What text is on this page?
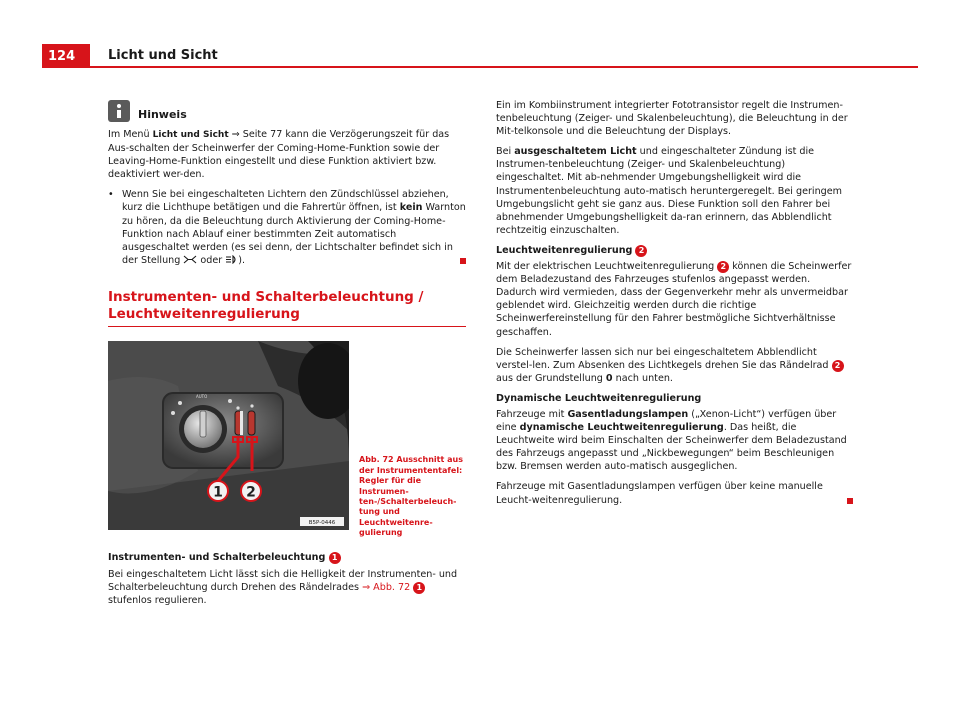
124	Licht und Sicht
Hinweis

Im Menü Licht und Sicht ⇒ Seite 77 kann die Verzögerungszeit für das Aus-schalten der Scheinwerfer der Coming-Home-Funktion sowie der Leaving-Home-Funktion eingestellt und diese Funktion aktiviert bzw. deaktiviert wer-den.

• Wenn Sie bei eingeschalteten Lichtern den Zündschlüssel abziehen, kurz die Lichthupe betätigen und die Fahrertür öffnen, ist kein Warnton zu hören, da die Beleuchtung durch Aktivierung der Coming-Home-Funktion nach Ablauf einer bestimmten Zeit automatisch ausgeschaltet werden (es sei denn, der Lichtschalter befindet sich in der Stellung  oder ).
Instrumenten- und Schalterbeleuchtung /
Leuchtweitenregulierung
AUTO
1 2
B5P-0446
Abb. 72 Ausschnitt aus der Instrumententafel: Regler für die Instrumen-ten-/Schalterbeleuch-tung und Leuchtweitenre-gulierung

Instrumenten- und Schalterbeleuchtung 1

Bei eingeschaltetem Licht lässt sich die Helligkeit der Instrumenten- und Schalterbeleuchtung durch Drehen des Rändelrades ⇒ Abb. 72 1 stufenlos regulieren.

Ein im Kombiinstrument integrierter Fototransistor regelt die Instrumen-tenbeleuchtung (Zeiger- und Skalenbeleuchtung), die Beleuchtung in der Mit-telkonsole und die Beleuchtung der Displays.

Bei ausgeschaltetem Licht und eingeschalteter Zündung ist die Instrumen-tenbeleuchtung (Zeiger- und Skalenbeleuchtung) eingeschaltet. Mit ab-nehmender Umgebungshelligkeit wird die Instrumentenbeleuchtung auto-matisch heruntergeregelt. Bei geringem Umgebungslicht geht sie ganz aus. Diese Funktion soll den Fahrer bei abnehmender Umgebungshelligkeit da-ran erinnern, das Abblendlicht rechtzeitig einzuschalten.

Leuchtweitenregulierung 2

Mit der elektrischen Leuchtweitenregulierung 2 können die Scheinwerfer dem Beladezustand des Fahrzeuges stufenlos angepasst werden. Dadurch wird vermieden, dass der Gegenverkehr mehr als unvermeidbar geblendet wird. Gleichzeitig werden durch die richtige Scheinwerfereinstellung für den Fahrer bestmögliche Sichtverhältnisse geschaffen.

Die Scheinwerfer lassen sich nur bei eingeschaltetem Abblendlicht verstel-len. Zum Absenken des Lichtkegels drehen Sie das Rändelrad 2 aus der Grundstellung 0 nach unten.

Dynamische Leuchtweitenregulierung

Fahrzeuge mit Gasentladungslampen („Xenon-Licht“) verfügen über eine dynamische Leuchtweitenregulierung. Das heißt, die Leuchtweite wird beim Einschalten der Scheinwerfer dem Beladezustand des Fahrzeugs angepasst und „Nickbewegungen“ beim Beschleunigen bzw. Bremsen werden auto-matisch ausgeglichen.

Fahrzeuge mit Gasentladungslampen verfügen über keine manuelle Leucht-weitenregulierung.
